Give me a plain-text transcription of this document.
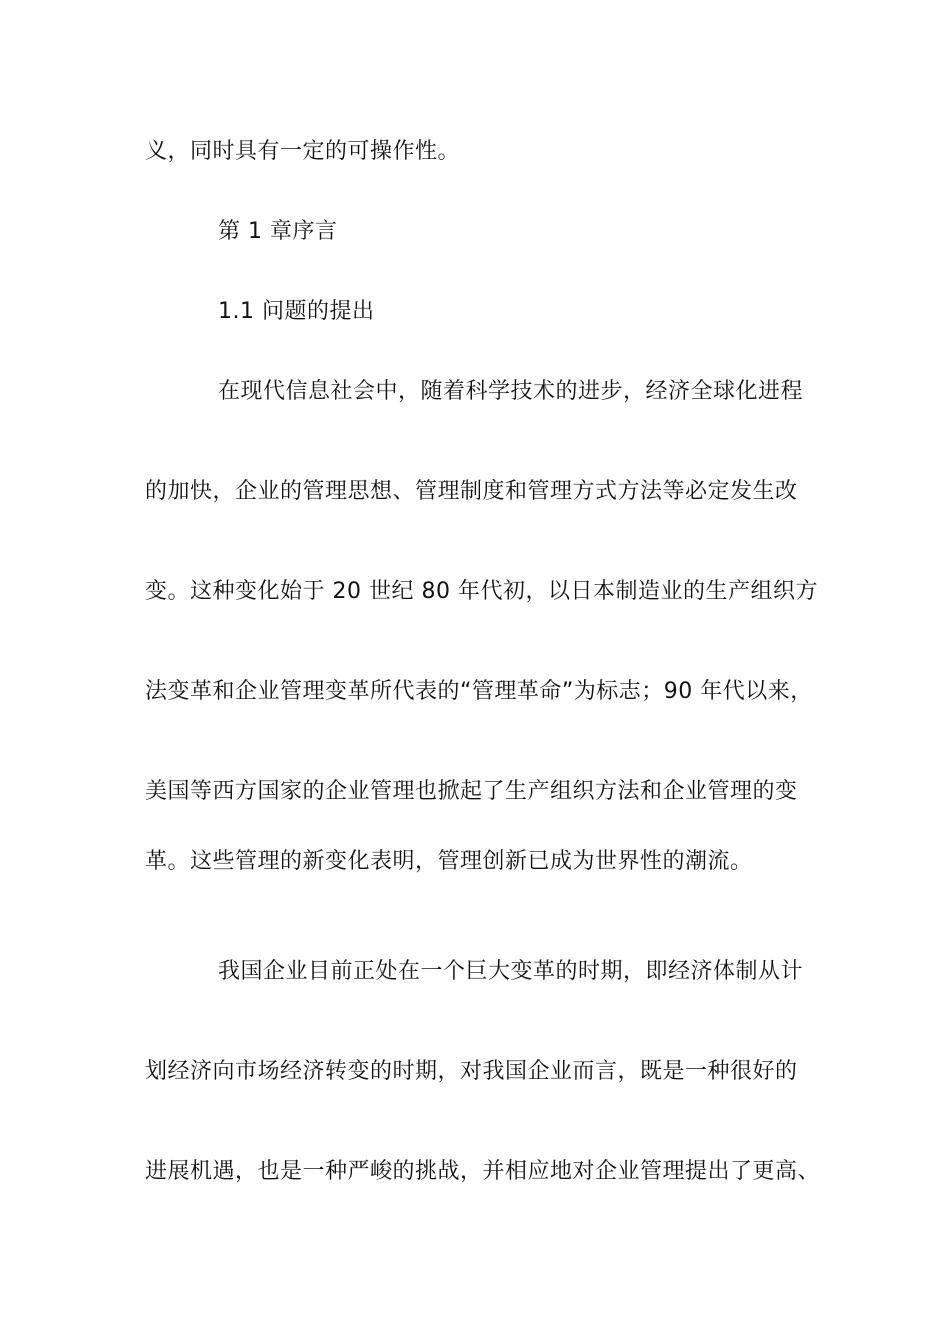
义，同时具有一定的可操作性。
第 1 章序言
1.1 问题的提出
在现代信息社会中，随着科学技术的进步，经济全球化进程
的加快，企业的管理思想、管理制度和管理方式方法等必定发生改
变。这种变化始于 20 世纪 80 年代初，以日本制造业的生产组织方
法变革和企业管理变革所代表的“管理革命”为标志；90 年代以来，
美国等西方国家的企业管理也掀起了生产组织方法和企业管理的变
革。这些管理的新变化表明，管理创新已成为世界性的潮流。
我国企业目前正处在一个巨大变革的时期，即经济体制从计
划经济向市场经济转变的时期，对我国企业而言，既是一种很好的
进展机遇，也是一种严峻的挑战，并相应地对企业管理提出了更高、
